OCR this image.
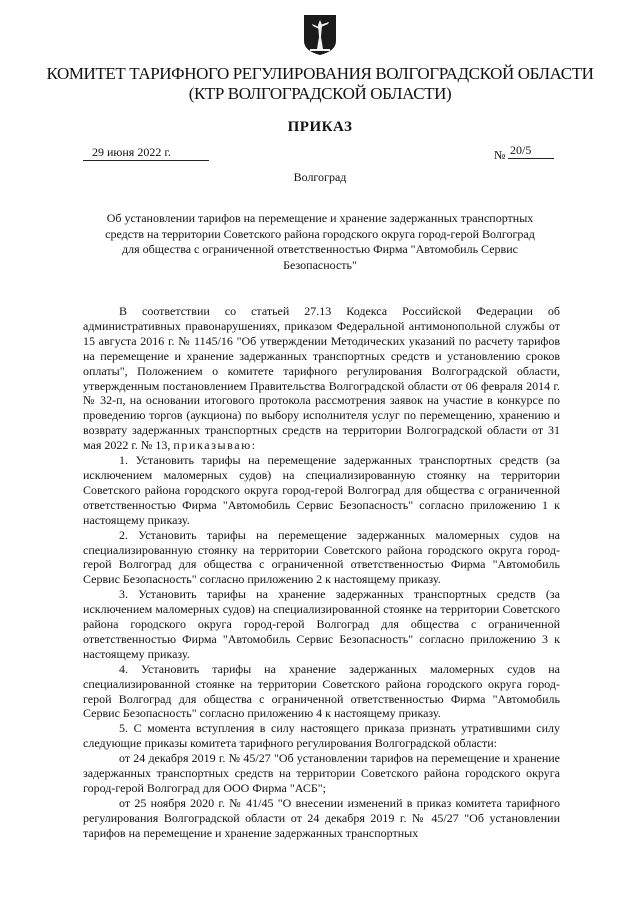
КОМИТЕТ ТАРИФНОГО РЕГУЛИРОВАНИЯ ВОЛГОГРАДСКОЙ ОБЛАСТИ
(КТР ВОЛГОГРАДСКОЙ ОБЛАСТИ)
ПРИКАЗ
29 июня 2022 г.	№ 20/5
Волгоград
Об установлении тарифов на перемещение и хранение задержанных транспортных
средств на территории Советского района городского округа город-герой Волгоград
для общества с ограниченной ответственностью Фирма "Автомобиль Сервис
Безопасность"

В соответствии со статьей 27.13 Кодекса Российской Федерации об административных правонарушениях, приказом Федеральной антимонопольной службы от 15 августа 2016 г. № 1145/16 "Об утверждении Методических указаний по расчету тарифов на перемещение и хранение задержанных транспортных средств и установлению сроков оплаты", Положением о комитете тарифного регулирования Волгоградской области, утвержденным постановлением Правительства Волгоградской области от 06 февраля 2014 г. № 32-п, на основании итогового протокола рассмотрения заявок на участие в конкурсе по проведению торгов (аукциона) по выбору исполнителя услуг по перемещению, хранению и возврату задержанных транспортных средств на территории Волгоградской области от 31 мая 2022 г. № 13, приказываю:

1. Установить тарифы на перемещение задержанных транспортных средств (за исключением маломерных судов) на специализированную стоянку на территории Советского района городского округа город-герой Волгоград для общества с ограниченной ответственностью Фирма "Автомобиль Сервис Безопасность" согласно приложению 1 к настоящему приказу.

2. Установить тарифы на перемещение задержанных маломерных судов на специализированную стоянку на территории Советского района городского округа город-герой Волгоград для общества с ограниченной ответственностью Фирма "Автомобиль Сервис Безопасность" согласно приложению 2 к настоящему приказу.

3. Установить тарифы на хранение задержанных транспортных средств (за исключением маломерных судов) на специализированной стоянке на территории Советского района городского округа город-герой Волгоград для общества с ограниченной ответственностью Фирма "Автомобиль Сервис Безопасность" согласно приложению 3 к настоящему приказу.

4. Установить тарифы на хранение задержанных маломерных судов на специализированной стоянке на территории Советского района городского округа город-герой Волгоград для общества с ограниченной ответственностью Фирма "Автомобиль Сервис Безопасность" согласно приложению 4 к настоящему приказу.

5. С момента вступления в силу настоящего приказа признать утратившими силу следующие приказы комитета тарифного регулирования Волгоградской области:

от 24 декабря 2019 г. № 45/27 "Об установлении тарифов на перемещение и хранение задержанных транспортных средств на территории Советского района городского округа город-герой Волгоград для ООО Фирма "АСБ";

от 25 ноября 2020 г. № 41/45 "О внесении изменений в приказ комитета тарифного регулирования Волгоградской области от 24 декабря 2019 г. № 45/27 "Об установлении тарифов на перемещение и хранение задержанных транспортных
